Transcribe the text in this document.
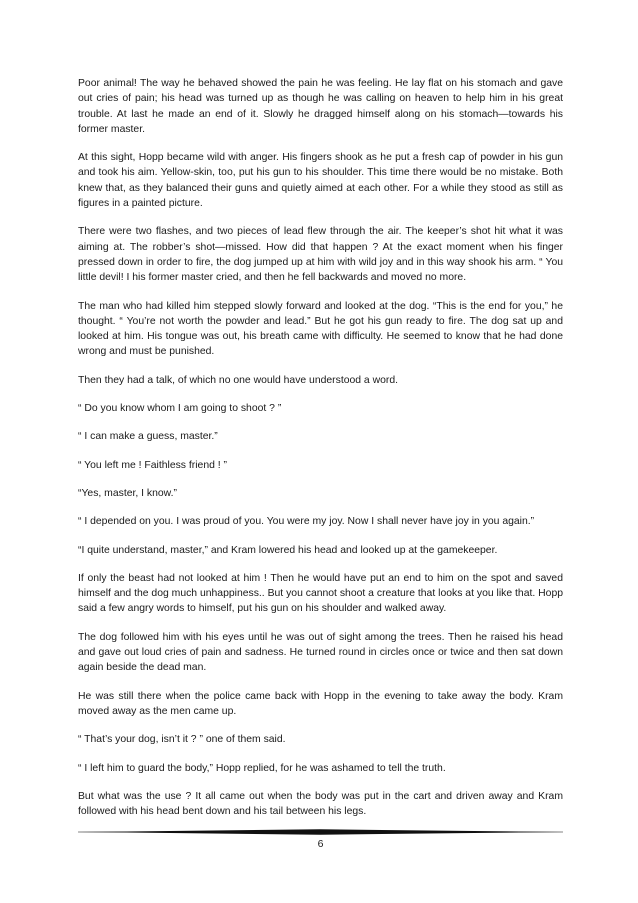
Poor animal! The way he behaved showed the pain he was feeling. He lay flat on his stomach and gave out cries of pain; his head was turned up as though he was calling on heaven to help him in his great trouble. At last he made an end of it. Slowly he dragged himself along on his stomach—towards his former master.

At this sight, Hopp became wild with anger. His fingers shook as he put a fresh cap of powder in his gun and took his aim. Yellow-skin, too, put his gun to his shoulder. This time there would be no mistake. Both knew that, as they balanced their guns and quietly aimed at each other. For a while they stood as still as figures in a painted picture.

There were two flashes, and two pieces of lead flew through the air. The keeper’s shot hit what it was aiming at. The robber’s shot—missed. How did that happen ? At the exact moment when his finger pressed down in order to fire, the dog jumped up at him with wild joy and in this way shook his arm. “ You little devil! I his former master cried, and then he fell backwards and moved no more.

The man who had killed him stepped slowly forward and looked at the dog. “This is the end for you,” he thought. “ You’re not worth the powder and lead.” But he got his gun ready to fire. The dog sat up and looked at him. His tongue was out, his breath came with difficulty. He seemed to know that he had done wrong and must be punished.

Then they had a talk, of which no one would have understood a word.

“ Do you know whom I am going to shoot ? ”

“ I can make a guess, master.”

“ You left me ! Faithless friend ! ”

“Yes, master, I know.”

“ I depended on you. I was proud of you. You were my joy. Now I shall never have joy in you again.”

“I quite understand, master,” and Kram lowered his head and looked up at the gamekeeper.

If only the beast had not looked at him ! Then he would have put an end to him on the spot and saved himself and the dog much unhappiness.. But you cannot shoot a creature that looks at you like that. Hopp said a few angry words to himself, put his gun on his shoulder and walked away.

The dog followed him with his eyes until he was out of sight among the trees. Then he raised his head and gave out loud cries of pain and sadness. He turned round in circles once or twice and then sat down again beside the dead man.

He was still there when the police came back with Hopp in the evening to take away the body. Kram moved away as the men came up.

“ That’s your dog, isn’t it ? ” one of them said.

“ I left him to guard the body,” Hopp replied, for he was ashamed to tell the truth.

But what was the use ? It all came out when the body was put in the cart and driven away and Kram followed with his head bent down and his tail between his legs.

6
